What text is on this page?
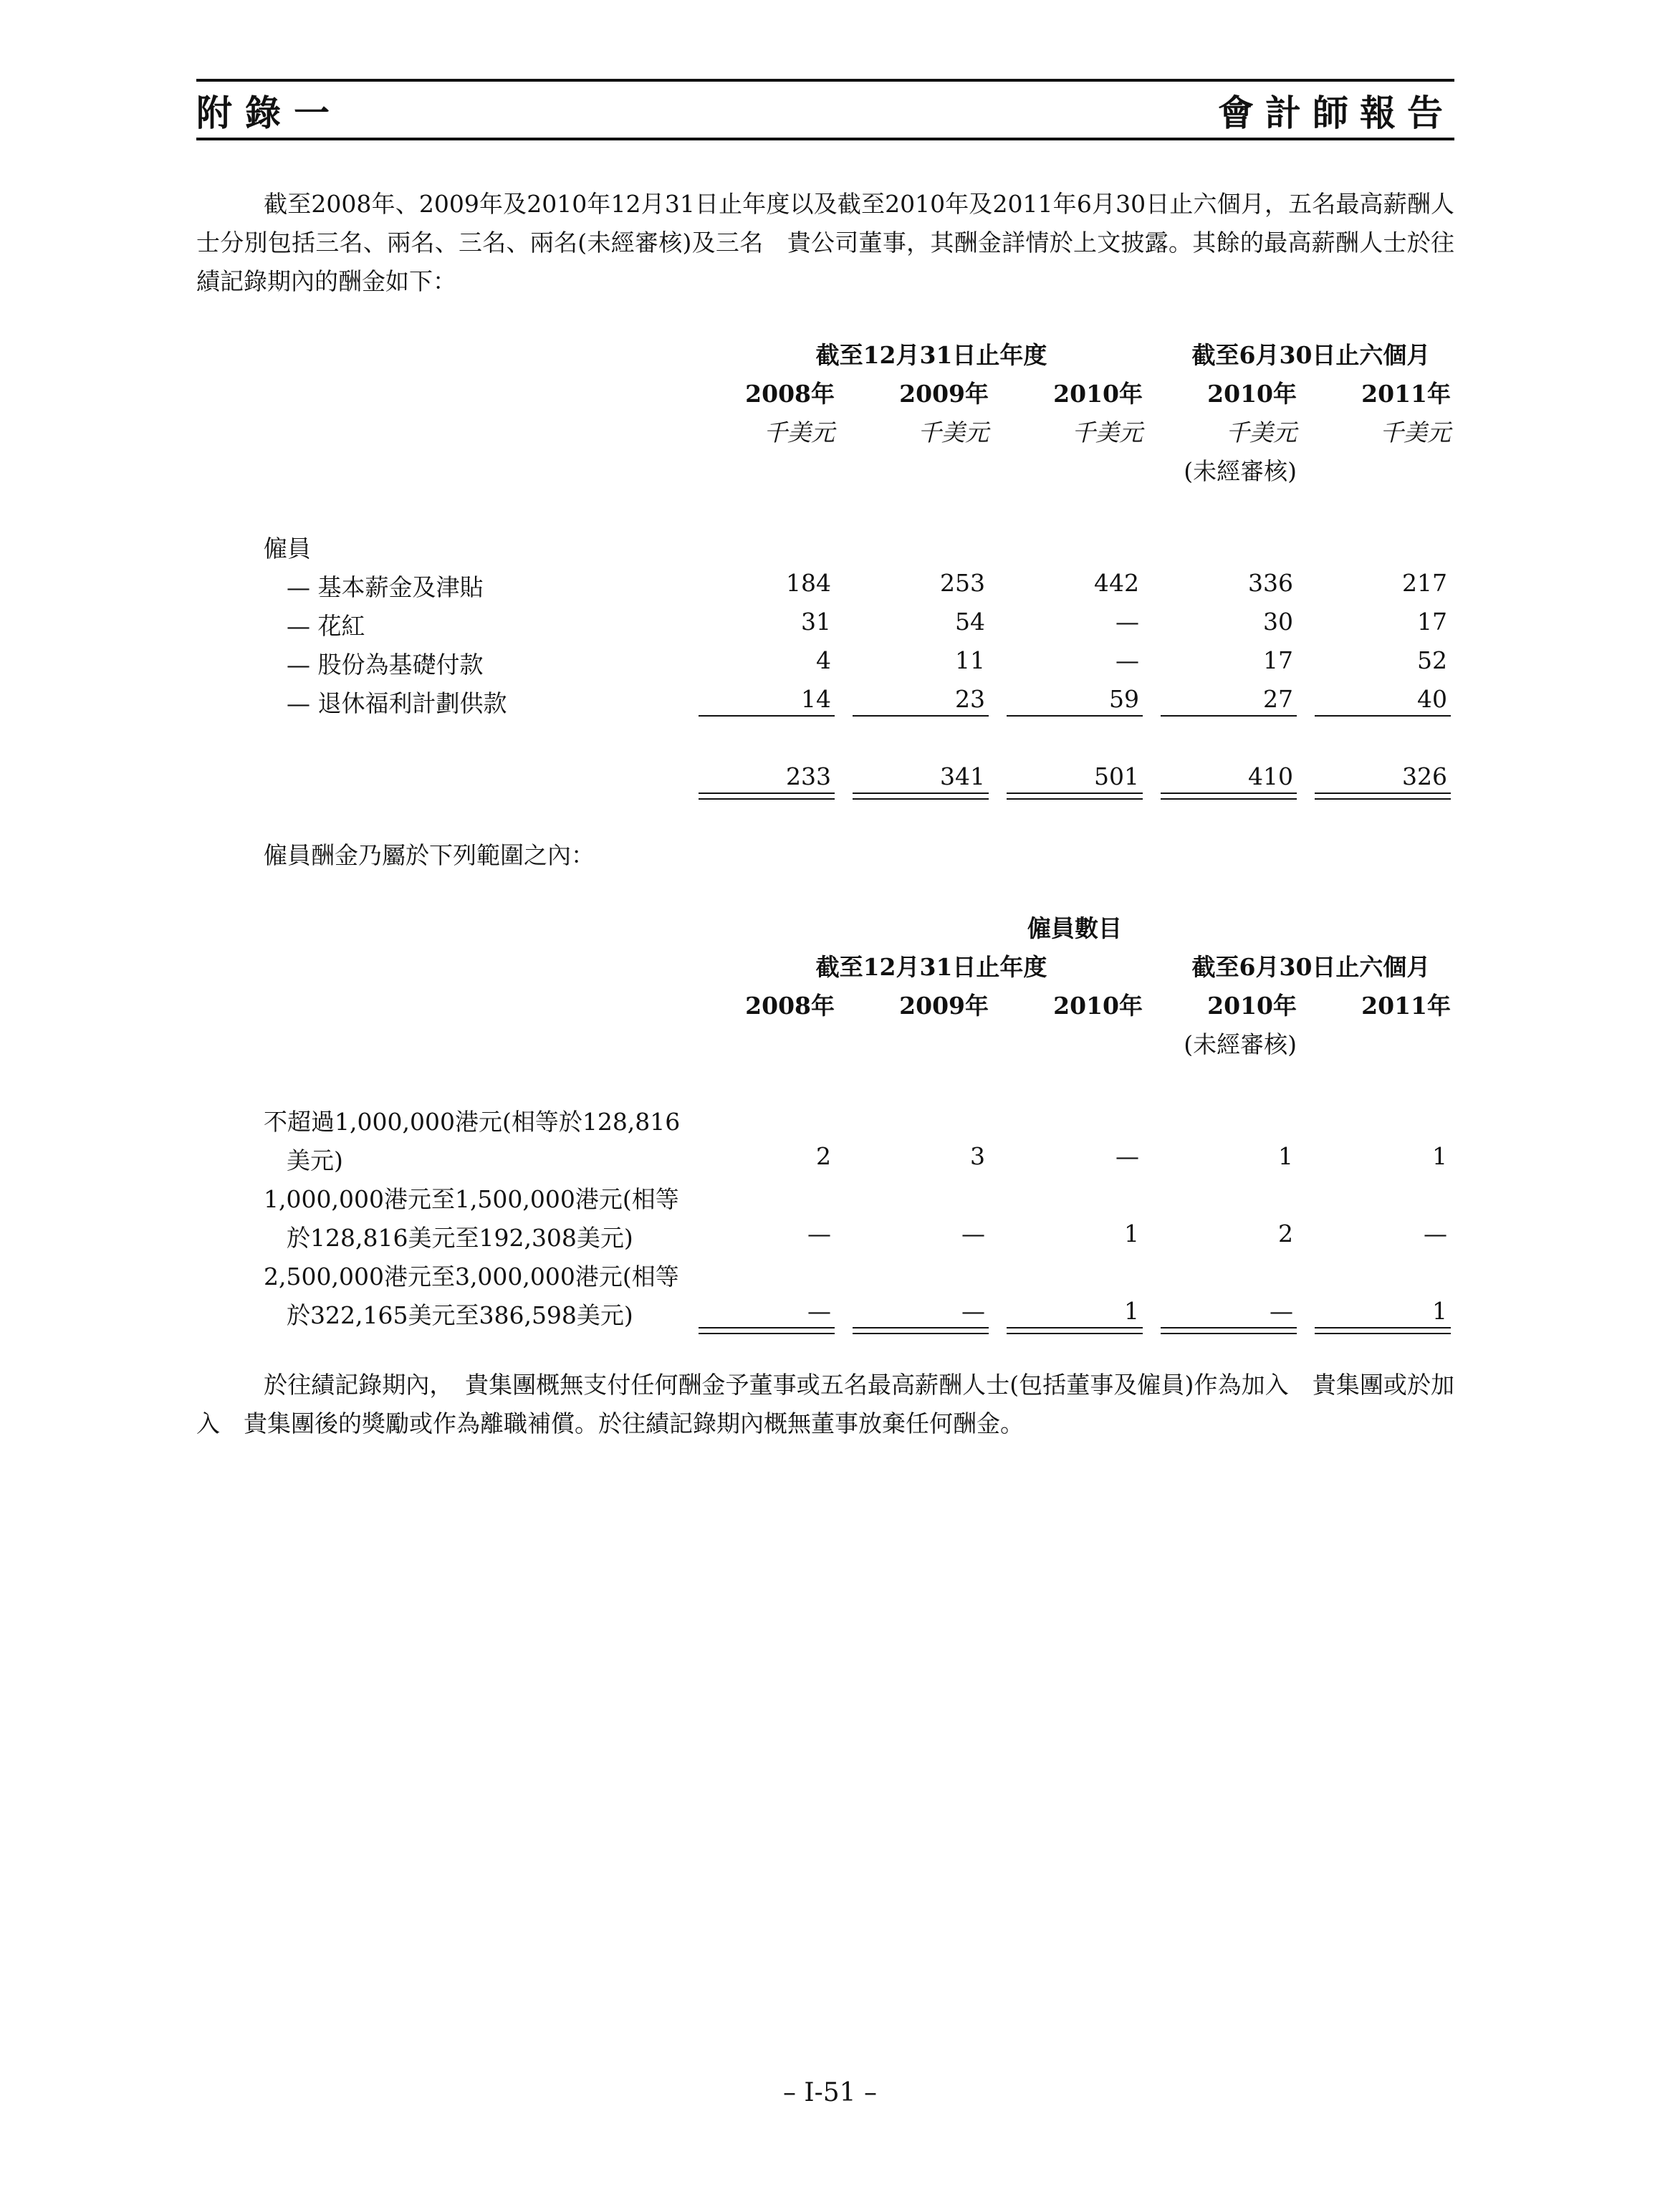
附錄一	會計師報告
截至2008年、2009年及2010年12月31日止年度以及截至2010年及2011年6月30日止六個月，五名最高薪酬人士分別包括三名、兩名、三名、兩名(未經審核)及三名　貴公司董事，其酬金詳情於上文披露。其餘的最高薪酬人士於往績記錄期內的酬金如下：
截至12月31日止年度	截至6月30日止六個月
2008年	2009年	2010年	2010年	2011年
千美元	千美元	千美元	千美元	千美元
(未經審核)
僱員
— 基本薪金及津貼	184	253	442	336	217
— 花紅	31	54	—	30	17
— 股份為基礎付款	4	11	—	17	52
— 退休福利計劃供款	14	23	59	27	40
233	341	501	410	326
僱員酬金乃屬於下列範圍之內：
僱員數目
截至12月31日止年度	截至6月30日止六個月
2008年	2009年	2010年	2010年	2011年
(未經審核)
不超過1,000,000港元(相等於128,816
美元)	2	3	—	1	1
1,000,000港元至1,500,000港元(相等
於128,816美元至192,308美元)	—	—	1	2	—
2,500,000港元至3,000,000港元(相等
於322,165美元至386,598美元)	—	—	1	—	1
於往績記錄期內，　貴集團概無支付任何酬金予董事或五名最高薪酬人士(包括董事及僱員)作為加入　貴集團或於加入　貴集團後的獎勵或作為離職補償。於往績記錄期內概無董事放棄任何酬金。
– I-51 –
